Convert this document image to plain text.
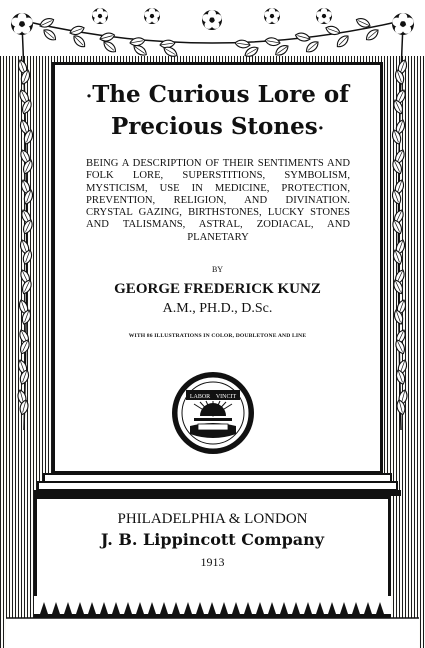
·The Curious Lore of
Precious Stones·

BEING A DESCRIPTION OF THEIR SENTIMENTS AND FOLK LORE, SUPERSTITIONS, SYMBOLISM, MYSTICISM, USE IN MEDICINE, PROTECTION, PREVENTION, RELIGION, AND DIVINATION. CRYSTAL GAZING, BIRTHSTONES, LUCKY STONES AND TALISMANS, ASTRAL, ZODIACAL, AND PLANETARY

BY
GEORGE FREDERICK KUNZ
A.M., PH.D., D.Sc.
WITH 86 ILLUSTRATIONS IN COLOR, DOUBLETONE AND LINE
LABOR VINCIT
PHILADELPHIA & LONDON
J. B. Lippincott Company
1913
